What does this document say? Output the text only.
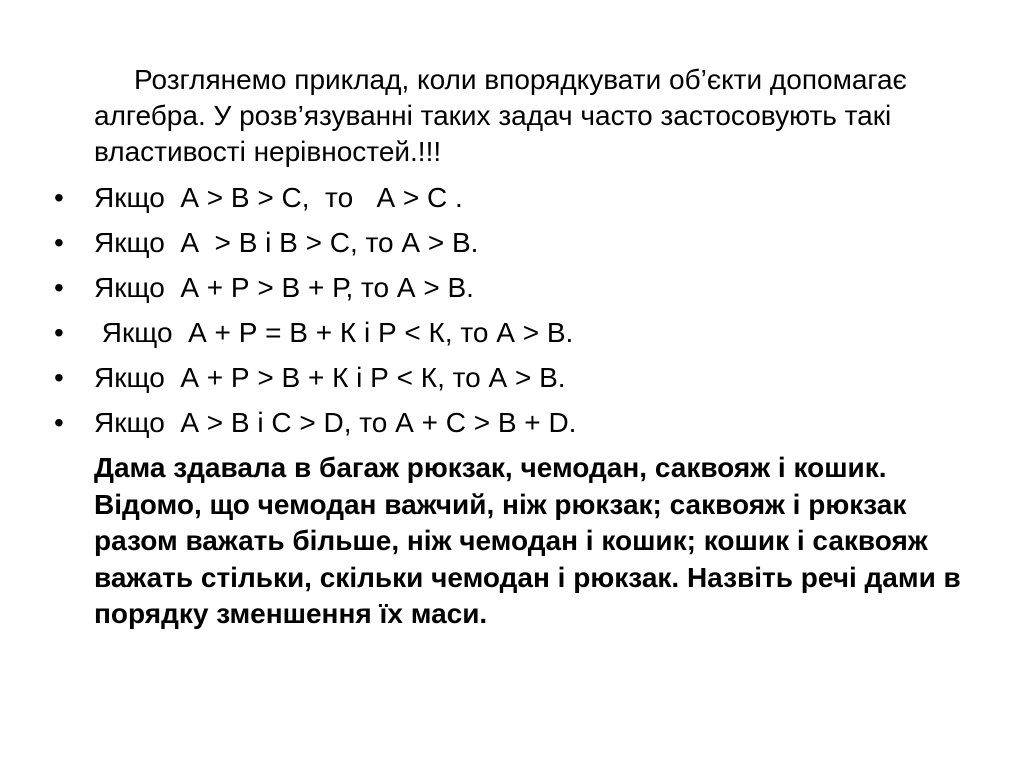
Розглянемо приклад, коли впорядкувати об’єкти допомагає алгебра. У розв’язуванні таких задач часто застосовують такі властивості нерівностей.!!!

•

	Якщо  А > В > С,  то   А > С .

•

	Якщо  А  > В і В > С, то А > В.

•

	Якщо  А + Р > В + Р, то А > В.

•

	Якщо  А + Р = В + К і Р < К, то А > В.

•

	Якщо  А + Р > В + К і Р < К, то А > В.

•

	Якщо  А > В і С > D, то А + С > В + D.

Дама здавала в багаж рюкзак, чемодан, саквояж і кошик. Відомо, що чемодан важчий, ніж рюкзак; саквояж і рюкзак разом важать більше, ніж чемодан і кошик; кошик і саквояж важать стільки, скільки чемодан і рюкзак. Назвіть речі дами в порядку зменшення їх маси.
